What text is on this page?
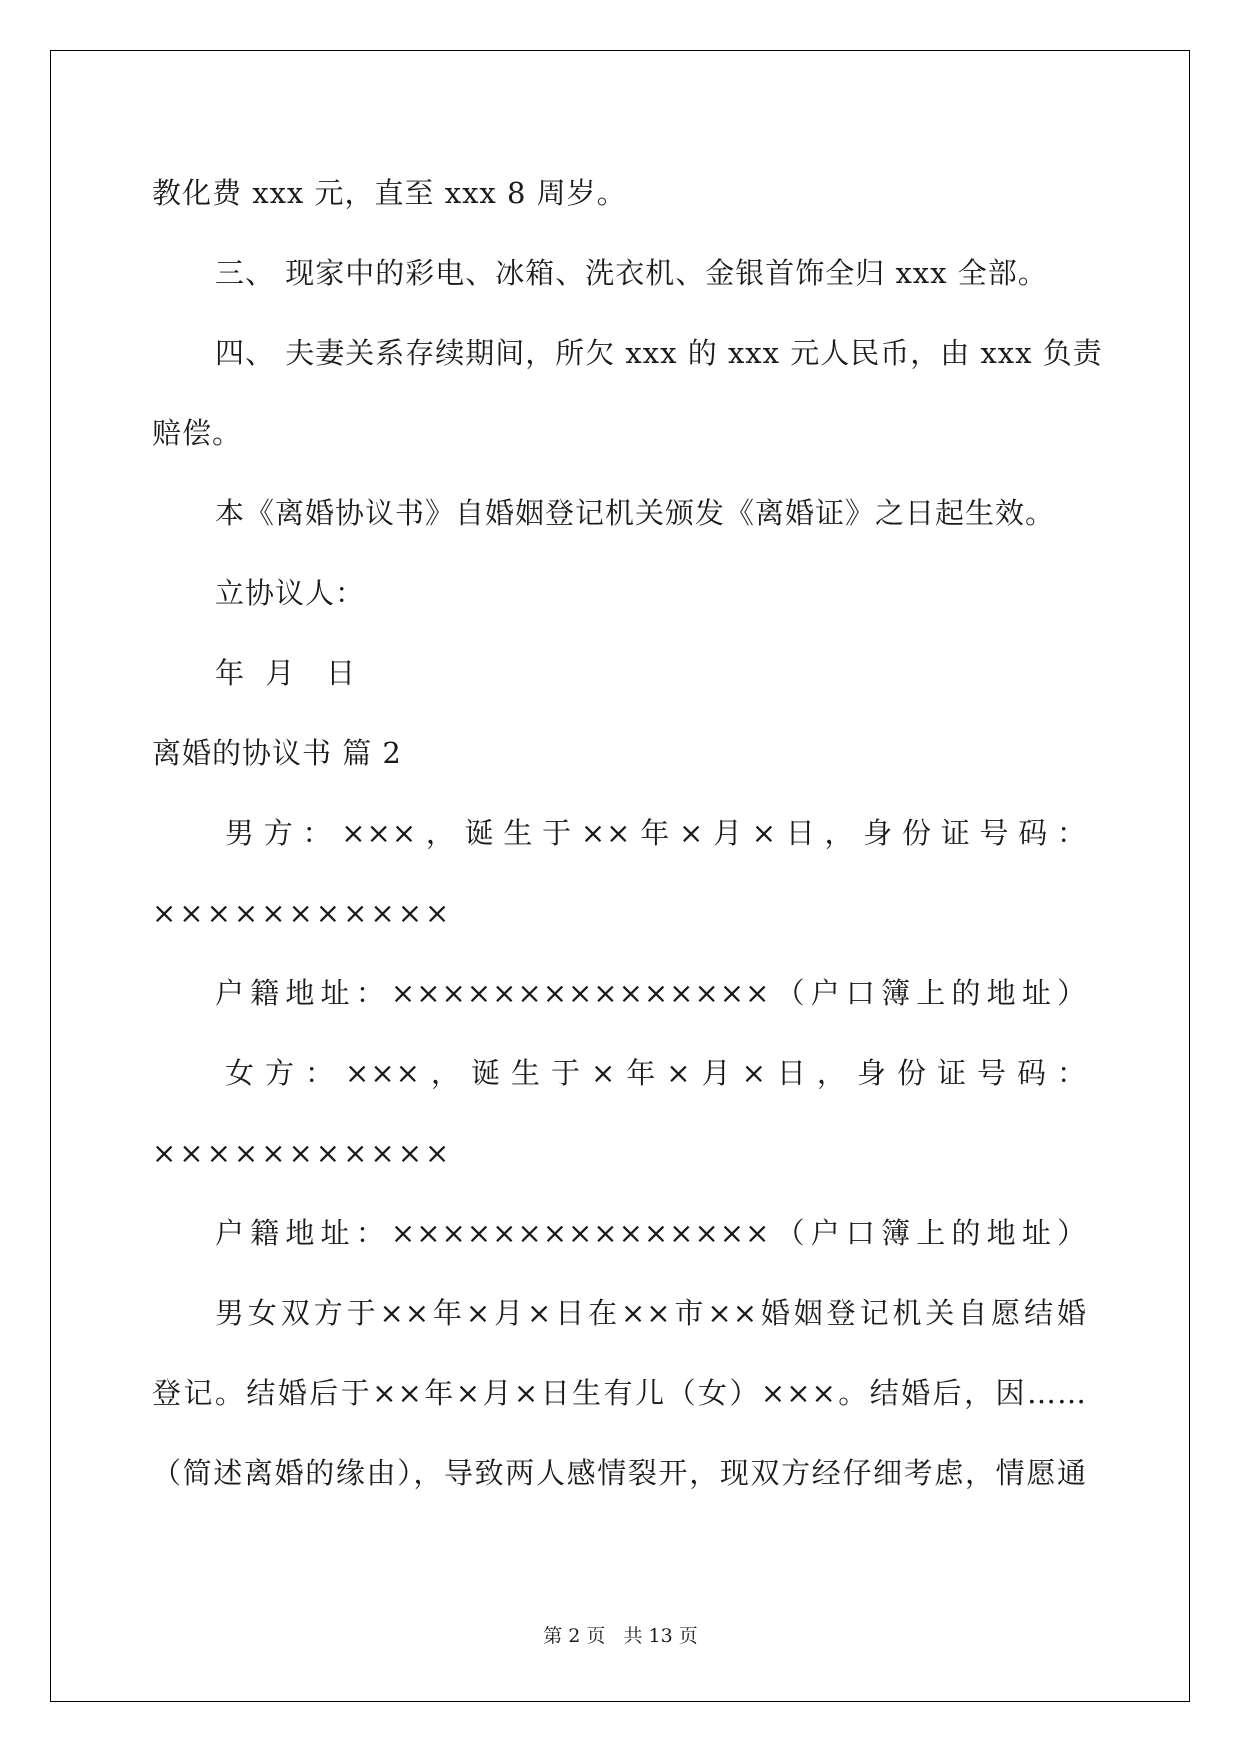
教化费 xxx 元，直至 xxx 8 周岁。
三、 现家中的彩电、冰箱、洗衣机、金银首饰全归 xxx 全部。
四、 夫妻关系存续期间，所欠 xxx 的 xxx 元人民币，由 xxx 负责
赔偿。
本《离婚协议书》自婚姻登记机关颁发《离婚证》之日起生效。
立协议人：
年  月   日
离婚的协议书 篇 2
男方：×××，诞生于××年×月×日，身份证号码：
×××××××××××
户籍地址：×××××××××××××××（户口簿上的地址）
女方：×××，诞生于×年×月×日，身份证号码：
×××××××××××
户籍地址：×××××××××××××××（户口簿上的地址）
男女双方于××年×月×日在××市××婚姻登记机关自愿结婚
登记。结婚后于××年×月×日生有儿（女）×××。结婚后，因……
（简述离婚的缘由），导致两人感情裂开，现双方经仔细考虑，情愿通
第 2 页   共 13 页
